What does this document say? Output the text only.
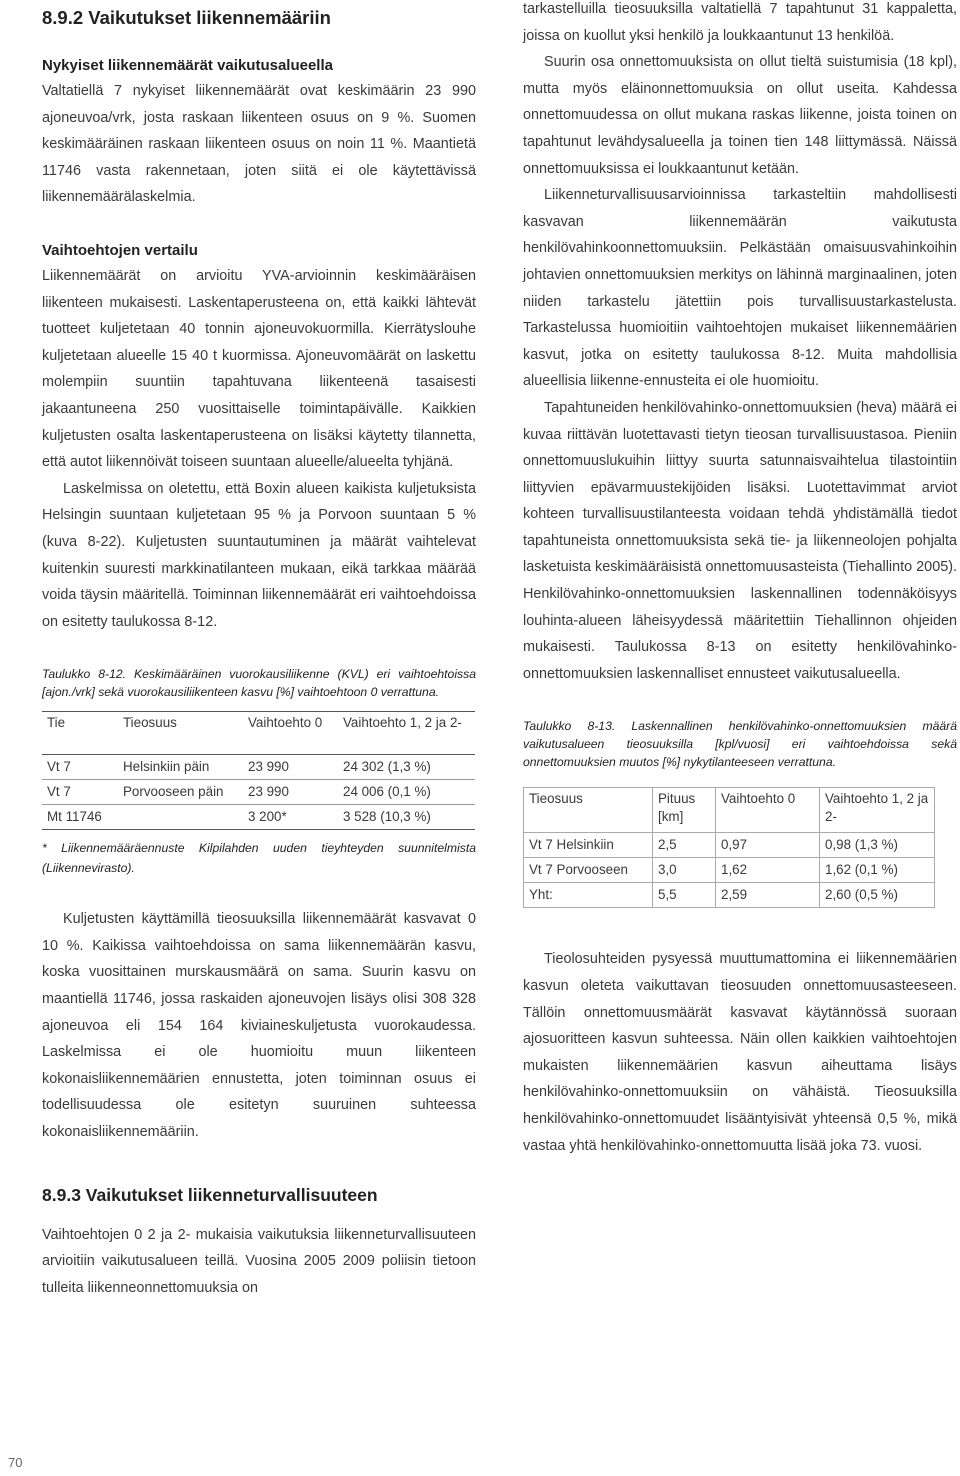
8.9.2 Vaikutukset liikennemääriin
Nykyiset liikennemäärät vaikutusalueella

Valtatiellä 7 nykyiset liikennemäärät ovat keskimäärin 23 990 ajoneuvoa/vrk, josta raskaan liikenteen osuus on 9 %. Suomen keskimääräinen raskaan liikenteen osuus on noin 11 %. Maantietä 11746 vasta rakennetaan, joten siitä ei ole käytettävissä liikennemäärälaskelmia.

Vaihtoehtojen vertailu

Liikennemäärät on arvioitu YVA-arvioinnin keskimääräisen liikenteen mukaisesti. Laskentaperusteena on, että kaikki lähtevät tuotteet kuljetetaan 40 tonnin ajoneuvokuormilla. Kierrätyslouhe kuljetetaan alueelle 15 40 t kuormissa. Ajoneuvomäärät on laskettu molempiin suuntiin tapahtuvana liikenteenä tasaisesti jakaantuneena 250 vuosittaiselle toimintapäivälle. Kaikkien kuljetusten osalta laskentaperusteena on lisäksi käytetty tilannetta, että autot liikennöivät toiseen suuntaan alueelle/alueelta tyhjänä.

Laskelmissa on oletettu, että Boxin alueen kaikista kuljetuksista Helsingin suuntaan kuljetetaan 95 % ja Porvoon suuntaan 5 % (kuva 8-22). Kuljetusten suuntautuminen ja määrät vaihtelevat kuitenkin suuresti markkinatilanteen mukaan, eikä tarkkaa määrää voida täysin määritellä. Toiminnan liikennemäärät eri vaihtoehdoissa on esitetty taulukossa 8-12.

Taulukko 8-12. Keskimääräinen vuorokausiliikenne (KVL) eri vaihtoehtoissa [ajon./vrk] sekä vuorokausiliikenteen kasvu [%] vaihtoehtoon 0 verrattuna.

Tie	Tieosuus	Vaihtoehto 0	Vaihtoehto 1, 2 ja 2-
Vt 7	Helsinkiin päin	23 990	24 302 (1,3 %)
Vt 7	Porvooseen päin	23 990	24 006 (0,1 %)
Mt 11746		3 200*	3 528 (10,3 %)

* Liikennemääräennuste Kilpilahden uuden tieyhteyden suunnitelmista (Liikennevirasto).

Kuljetusten käyttämillä tieosuuksilla liikennemäärät kasvavat 0 10 %. Kaikissa vaihtoehdoissa on sama liikennemäärän kasvu, koska vuosittainen murskausmäärä on sama. Suurin kasvu on maantiellä 11746, jossa raskaiden ajoneuvojen lisäys olisi 308 328 ajoneuvoa eli 154 164 kiviaineskuljetusta vuorokaudessa. Laskelmissa ei ole huomioitu muun liikenteen kokonaisliikennemäärien ennustetta, joten toiminnan osuus ei todellisuudessa ole esitetyn suuruinen suhteessa kokonaisliikennemääriin.

8.9.3 Vaikutukset liikenneturvallisuuteen

Vaihtoehtojen 0 2 ja 2- mukaisia vaikutuksia liikenneturvallisuuteen arvioitiin vaikutusalueen teillä. Vuosina 2005 2009 poliisin tietoon tulleita liikenneonnettomuuksia on

tarkastelluilla tieosuuksilla valtatiellä 7 tapahtunut 31 kappaletta, joissa on kuollut yksi henkilö ja loukkaantunut 13 henkilöä.

Suurin osa onnettomuuksista on ollut tieltä suistumisia (18 kpl), mutta myös eläinonnettomuuksia on ollut useita. Kahdessa onnettomuudessa on ollut mukana raskas liikenne, joista toinen on tapahtunut levähdysalueella ja toinen tien 148 liittymässä. Näissä onnettomuuksissa ei loukkaantunut ketään.

Liikenneturvallisuusarvioinnissa tarkasteltiin mahdollisesti kasvavan liikennemäärän vaikutusta henkilövahinkoonnettomuuksiin. Pelkästään omaisuusvahinkoihin johtavien onnettomuuksien merkitys on lähinnä marginaalinen, joten niiden tarkastelu jätettiin pois turvallisuustarkastelusta. Tarkastelussa huomioitiin vaihtoehtojen mukaiset liikennemäärien kasvut, jotka on esitetty taulukossa 8-12. Muita mahdollisia alueellisia liikenne-ennusteita ei ole huomioitu.

Tapahtuneiden henkilövahinko-onnettomuuksien (heva) määrä ei kuvaa riittävän luotettavasti tietyn tieosan turvallisuustasoa. Pieniin onnettomuuslukuihin liittyy suurta satunnaisvaihtelua tilastointiin liittyvien epävarmuustekijöiden lisäksi. Luotettavimmat arviot kohteen turvallisuustilanteesta voidaan tehdä yhdistämällä tiedot tapahtuneista onnettomuuksista sekä tie- ja liikenneolojen pohjalta lasketuista keskimääräisistä onnettomuusasteista (Tiehallinto 2005). Henkilövahinko-onnettomuuksien laskennallinen todennäköisyys louhinta-alueen läheisyydessä määritettiin Tiehallinnon ohjeiden mukaisesti. Taulukossa 8-13 on esitetty henkilövahinko-onnettomuuksien laskennalliset ennusteet vaikutusalueella.

Taulukko 8-13. Laskennallinen henkilövahinko-onnettomuuksien määrä vaikutusalueen tieosuuksilla [kpl/vuosi] eri vaihtoehdoissa sekä onnettomuuksien muutos [%] nykytilanteeseen verrattuna.

Tieosuus	Pituus [km]	Vaihtoehto 0	Vaihtoehto 1, 2 ja 2-
Vt 7 Helsinkiin	2,5	0,97	0,98 (1,3 %)
Vt 7 Porvooseen	3,0	1,62	1,62 (0,1 %)
Yht:	5,5	2,59	2,60 (0,5 %)

Tieolosuhteiden pysyessä muuttumattomina ei liikennemäärien kasvun oleteta vaikuttavan tieosuuden onnettomuusasteeseen. Tällöin onnettomuusmäärät kasvavat käytännössä suoraan ajosuoritteen kasvun suhteessa. Näin ollen kaikkien vaihtoehtojen mukaisten liikennemäärien kasvun aiheuttama lisäys henkilövahinko-onnettomuuksiin on vähäistä. Tieosuuksilla henkilövahinko-onnettomuudet lisääntyisivät yhteensä 0,5 %, mikä vastaa yhtä henkilövahinko-onnettomuutta lisää joka 73. vuosi.

70
